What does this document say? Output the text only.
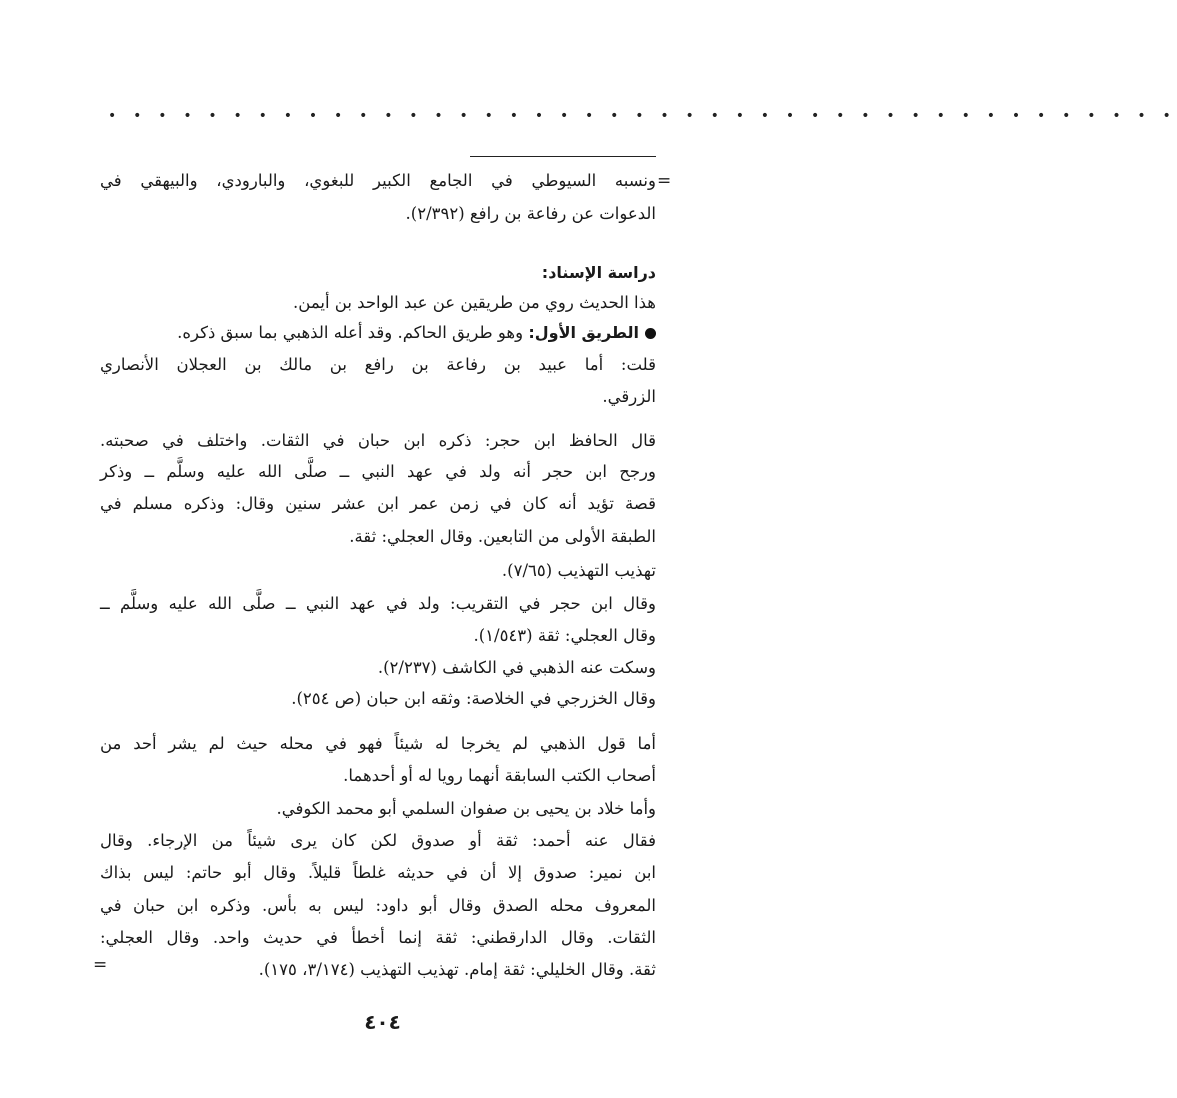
• • • • • • • • • • • • • • • • • • • • • • • • • • • • • • • • • • • • • • • • • • •
=

ونسبه السيوطي في الجامع الكبير للبغوي، والبارودي، والبيهقي في

الدعوات عن رفاعة بن رافع (٢/٣٩٢).

دراسة الإسناد:

هذا الحديث روي من طريقين عن عبد الواحد بن أيمن.

الطريق الأول: وهو طريق الحاكم. وقد أعله الذهبي بما سبق ذكره.

قلت: أما عبيد بن رفاعة بن رافع بن مالك بن العجلان الأنصاري

الزرقي.

قال الحافظ ابن حجر: ذكره ابن حبان في الثقات. واختلف في صحبته.

ورجح ابن حجر أنه ولد في عهد النبي ــ صلَّى الله عليه وسلَّم ــ وذكر

قصة تؤيد أنه كان في زمن عمر ابن عشر سنين وقال: وذكره مسلم في

الطبقة الأولى من التابعين. وقال العجلي: ثقة.

تهذيب التهذيب (٧/٦٥).

وقال ابن حجر في التقريب: ولد في عهد النبي ــ صلَّى الله عليه وسلَّم ــ

وقال العجلي: ثقة (١/٥٤٣).

وسكت عنه الذهبي في الكاشف (٢/٢٣٧).

وقال الخزرجي في الخلاصة: وثقه ابن حبان (ص ٢٥٤).

أما قول الذهبي لم يخرجا له شيئاً فهو في محله حيث لم يشر أحد من

أصحاب الكتب السابقة أنهما رويا له أو أحدهما.

وأما خلاد بن يحيى بن صفوان السلمي أبو محمد الكوفي.

فقال عنه أحمد: ثقة أو صدوق لكن كان يرى شيئاً من الإرجاء. وقال

ابن نمير: صدوق إلا أن في حديثه غلطاً قليلاً. وقال أبو حاتم: ليس بذاك

المعروف محله الصدق وقال أبو داود: ليس به بأس. وذكره ابن حبان في

الثقات. وقال الدارقطني: ثقة إنما أخطأ في حديث واحد. وقال العجلي:

ثقة. وقال الخليلي: ثقة إمام. تهذيب التهذيب (٣/١٧٤، ١٧٥).

=
٤٠٤
